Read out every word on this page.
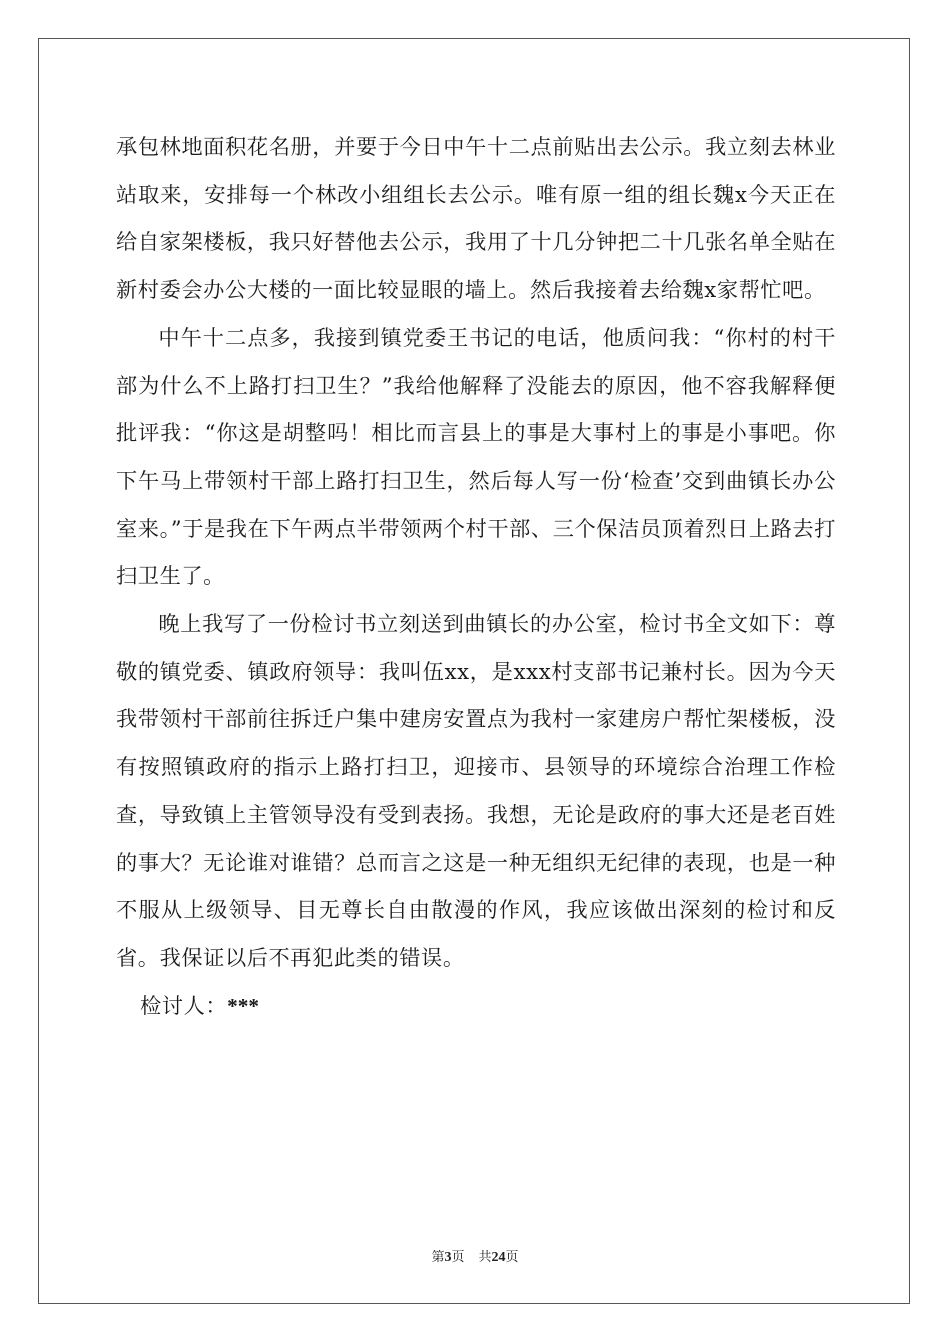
承包林地面积花名册，并要于今日中午十二点前贴出去公示。我立刻去林业站取来，安排每一个林改小组组长去公示。唯有原一组的组长魏x今天正在给自家架楼板，我只好替他去公示，我用了十几分钟把二十几张名单全贴在新村委会办公大楼的一面比较显眼的墙上。然后我接着去给魏x家帮忙吧。

中午十二点多，我接到镇党委王书记的电话，他质问我：“你村的村干部为什么不上路打扫卫生？”我给他解释了没能去的原因，他不容我解释便批评我：“你这是胡整吗！相比而言县上的事是大事村上的事是小事吧。你下午马上带领村干部上路打扫卫生，然后每人写一份‘检查’交到曲镇长办公室来。”于是我在下午两点半带领两个村干部、三个保洁员顶着烈日上路去打扫卫生了。

晚上我写了一份检讨书立刻送到曲镇长的办公室，检讨书全文如下：尊敬的镇党委、镇政府领导：我叫伍xx，是xxx村支部书记兼村长。因为今天我带领村干部前往拆迁户集中建房安置点为我村一家建房户帮忙架楼板，没有按照镇政府的指示上路打扫卫，迎接市、县领导的环境综合治理工作检查，导致镇上主管领导没有受到表扬。我想，无论是政府的事大还是老百姓的事大？无论谁对谁错？总而言之这是一种无组织无纪律的表现，也是一种不服从上级领导、目无尊长自由散漫的作风，我应该做出深刻的检讨和反省。我保证以后不再犯此类的错误。

检讨人：***

第3页 共24页
